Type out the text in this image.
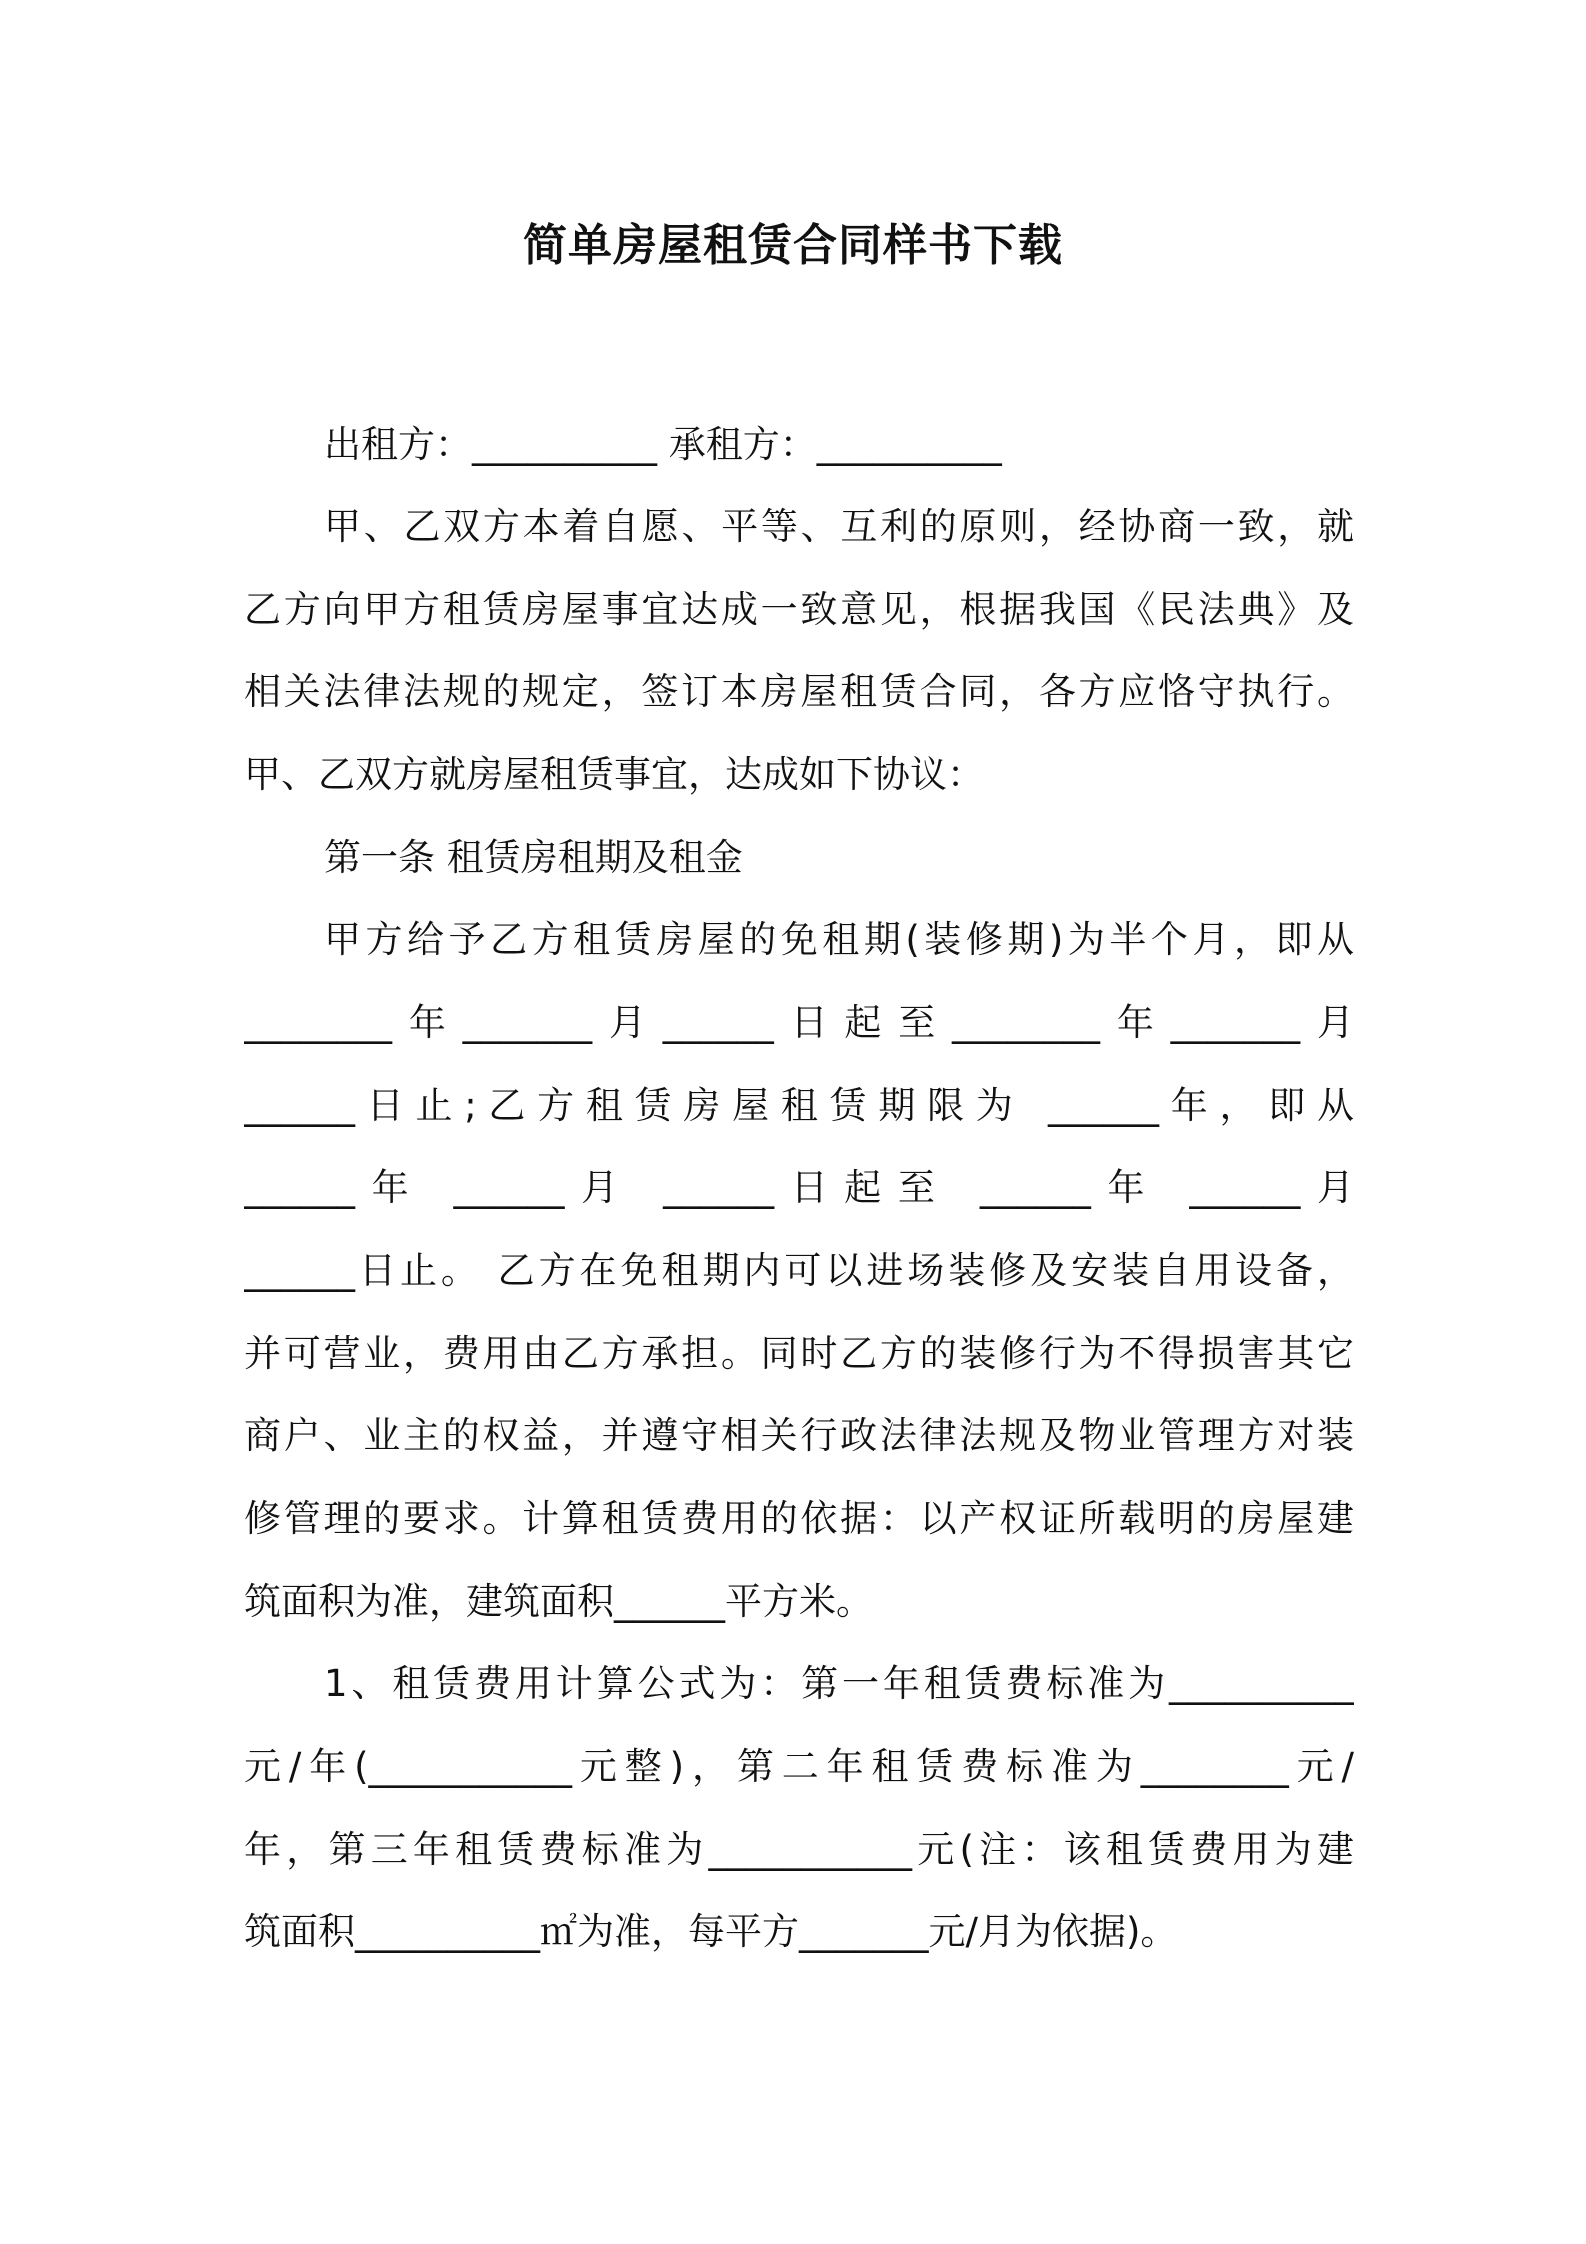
简单房屋租赁合同样书下载
出租方：__________ 承租方：__________
甲、乙双方本着自愿、平等、互利的原则，经协商一致，就
乙方向甲方租赁房屋事宜达成一致意见，根据我国《民法典》及
相关法律法规的规定，签订本房屋租赁合同，各方应恪守执行。
甲、乙双方就房屋租赁事宜，达成如下协议：
第一条 租赁房租期及租金
甲方给予乙方租赁房屋的免租期(装修期)为半个月，即从
________年_______月______日起至________年_______月
______日止;乙方租赁房屋租赁期限为 ______年，即从
______年 ______月 ______日起至 ______年 ______月
______日止。 乙方在免租期内可以进场装修及安装自用设备，
并可营业，费用由乙方承担。同时乙方的装修行为不得损害其它
商户、业主的权益，并遵守相关行政法律法规及物业管理方对装
修管理的要求。计算租赁费用的依据：以产权证所载明的房屋建
筑面积为准，建筑面积______平方米。
1、租赁费用计算公式为：第一年租赁费标准为__________
元/年(___________元整)，第二年租赁费标准为________元/
年，第三年租赁费标准为___________元(注：该租赁费用为建
筑面积__________㎡为准，每平方_______元/月为依据)。
